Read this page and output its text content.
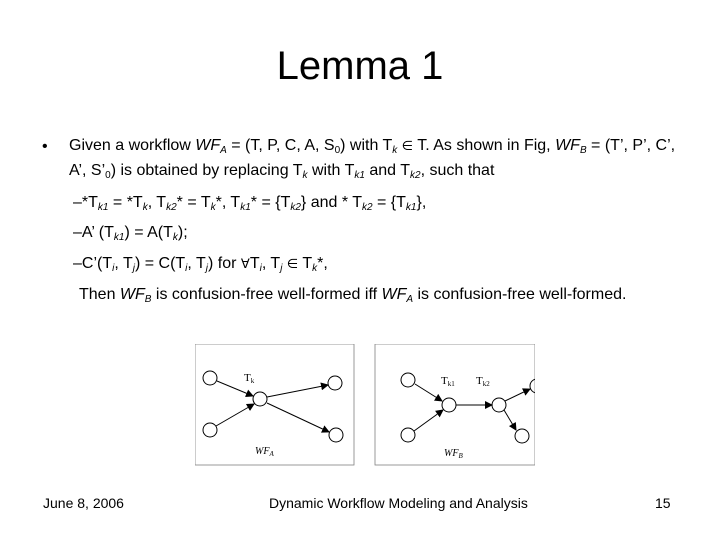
Lemma 1
• Given a workflow $WF_A = (T$, P, C, A, $S_0$) with $T_k$ ∈ T. As shown in Fig, $WF_B = (T$’, P’, C’, A’, $S’_0$) is obtained by replacing $T_k$ with $T_{k1}$ and $T_{k2}$, such that
$-*T_{k1} = *T_k$, $T_{k2}* = T_k*$, $T_{k1}* = \{T_{k2}\}$ and * $T_{k2} = \{T_{k1}\}$,
–A’ $(T_{k1}) = A(T_k)$;
$-C’(T_i$, $T_j) = C(T_i$, $T_j$) for $\forall T_i$, $T_j$ ∈ $T_k*$,
Then $WF_B$ is confusion-free well-formed iff $WF_A$ is confusion-free well-formed.
Tk
$WF_A$
Tk1 Tk2
$WF_B$
June 8, 2006	Dynamic Workflow Modeling and Analysis	15
